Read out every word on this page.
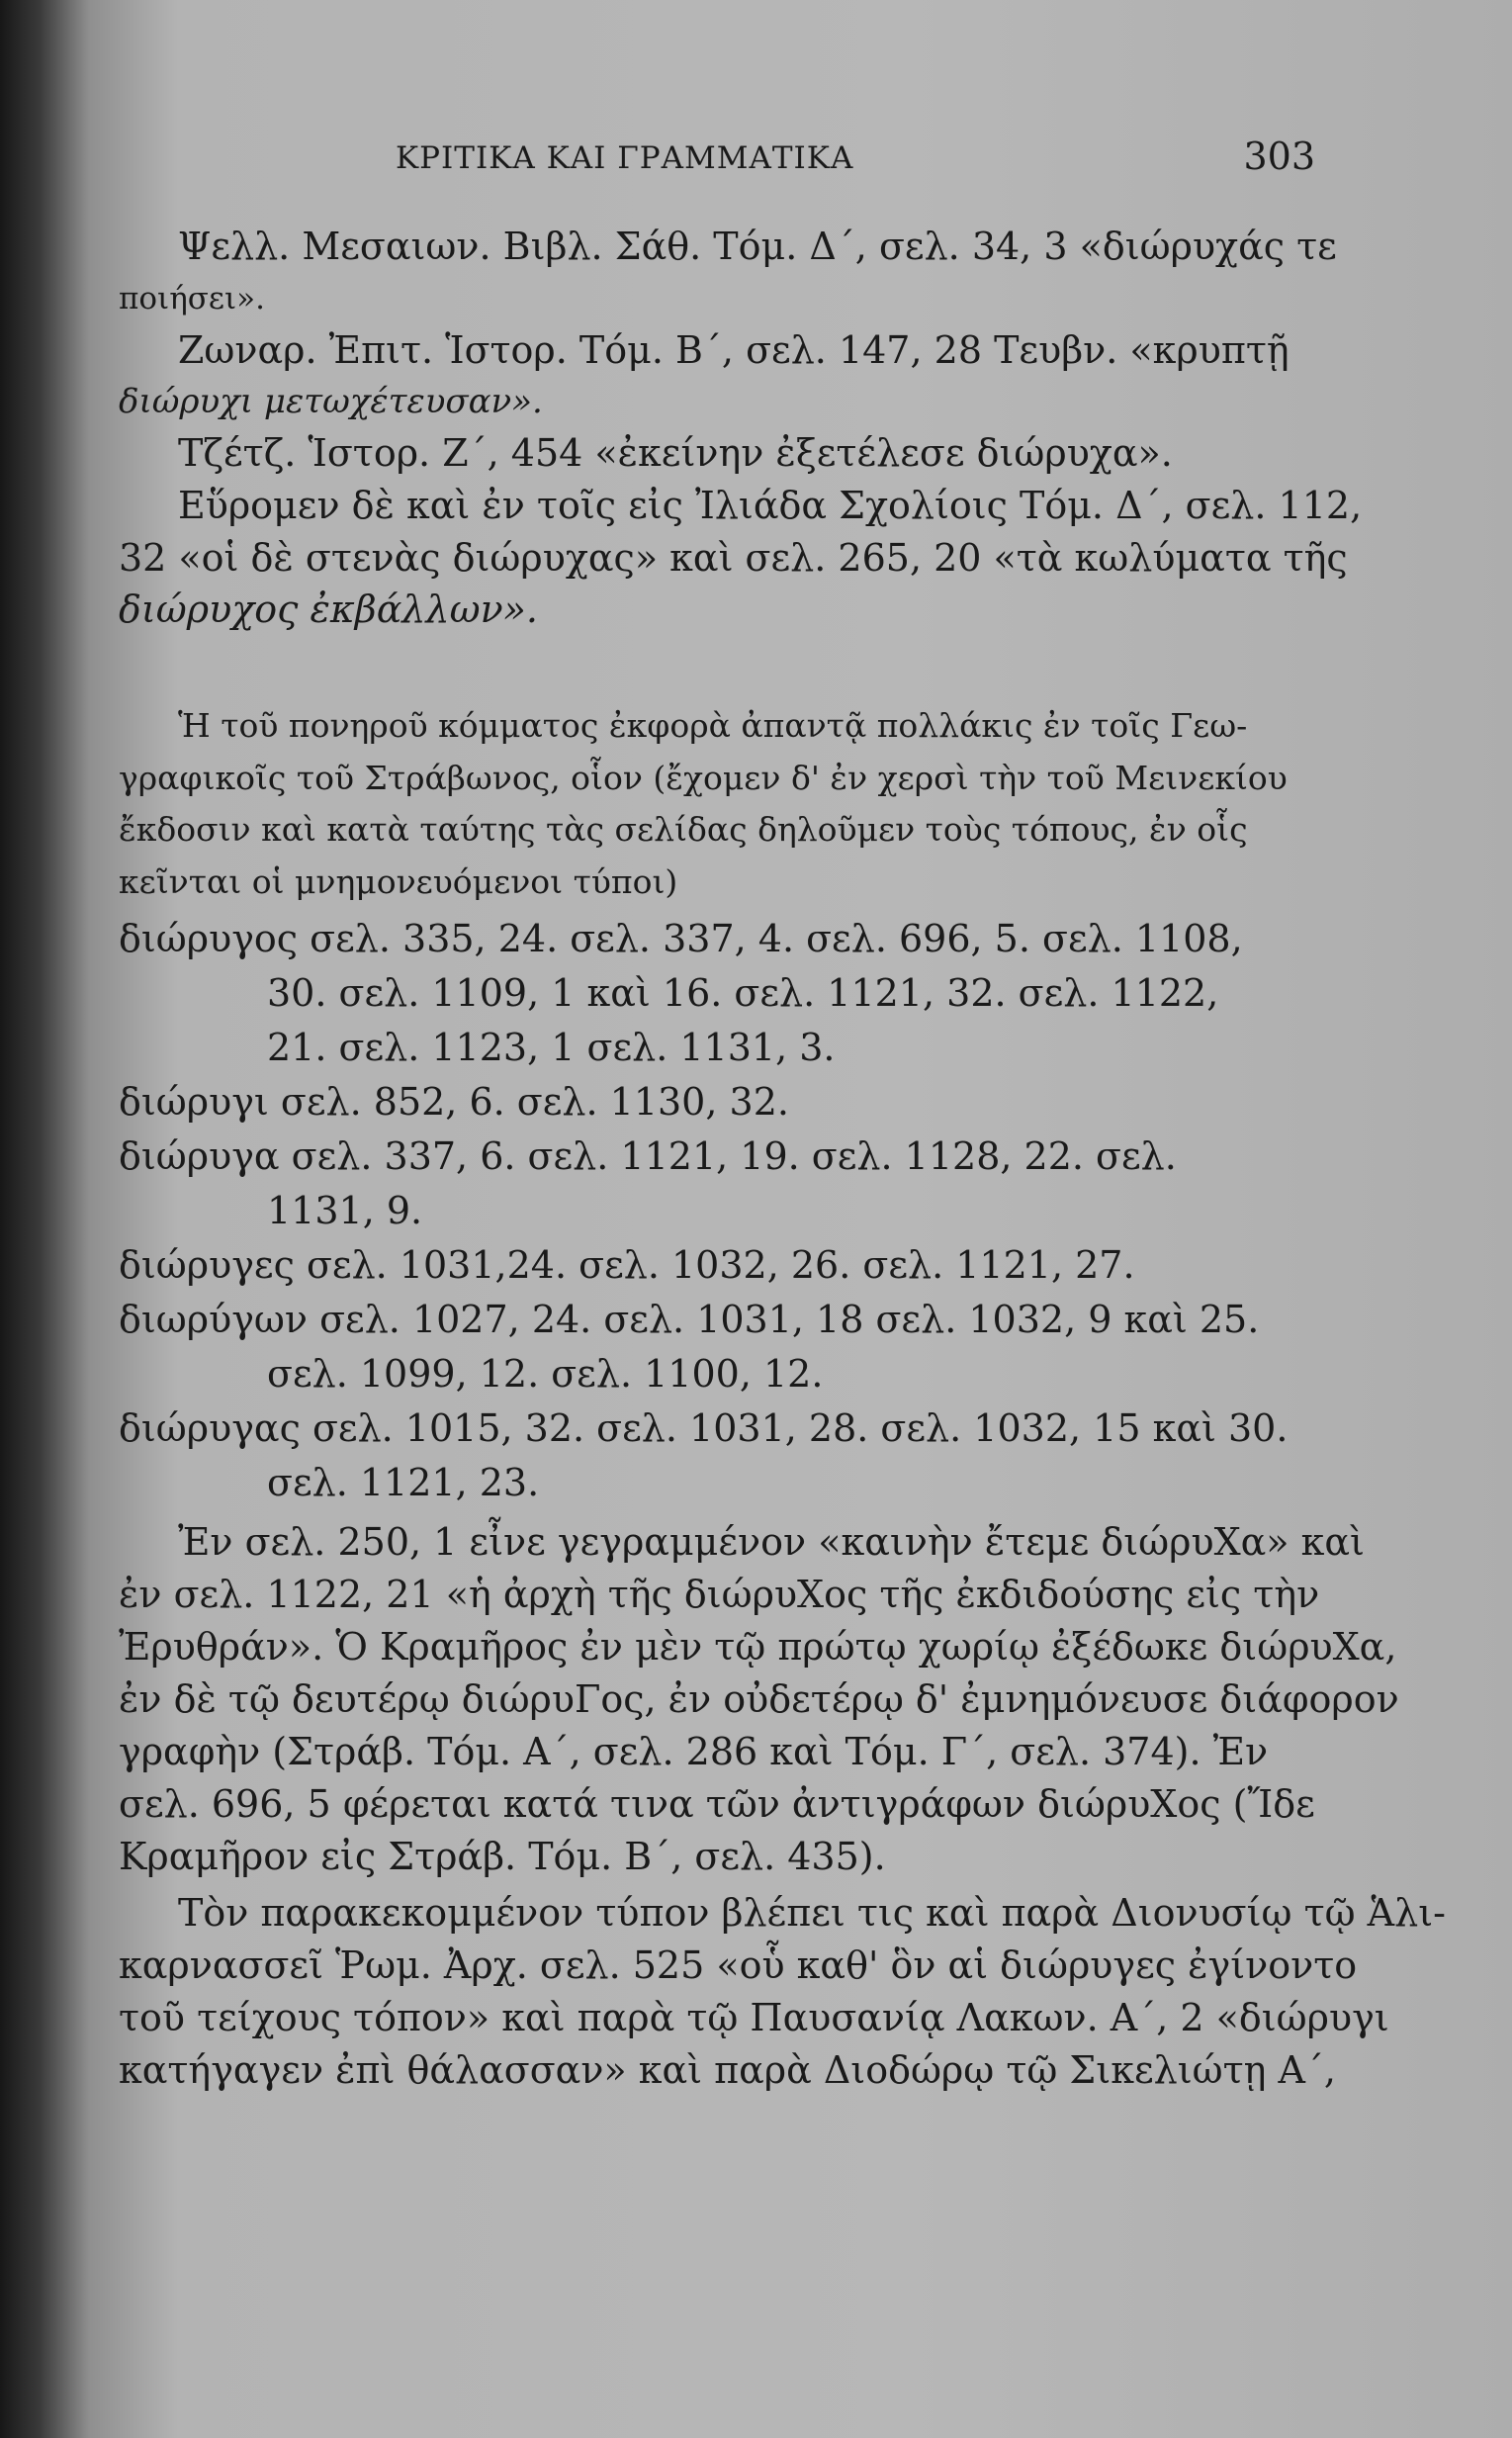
ΚΡΙΤΙΚΑ ΚΑΙ ΓΡΑΜΜΑΤΙΚΑ	303
Ψελλ. Μεσαιων. Βιβλ. Σάθ. Τόμ. Δ΄, σελ. 34, 3 «διώρυχάς τε
ποιήσει».
Ζωναρ. Ἐπιτ. Ἱστορ. Τόμ. Β΄, σελ. 147, 28 Τευβν. «κρυπτῇ
διώρυχι μετωχέτευσαν».
Τζέτζ. Ἱστορ. Ζ΄, 454 «ἐκείνην ἐξετέλεσε διώρυχα».
Εὕρομεν δὲ καὶ ἐν τοῖς εἰς Ἰλιάδα Σχολίοις Τόμ. Δ΄, σελ. 112,
32 «οἱ δὲ στενὰς διώρυχας» καὶ σελ. 265, 20 «τὰ κωλύματα τῆς
διώρυχος ἐκβάλλων».
Ἡ τοῦ πονηροῦ κόμματος ἐκφορὰ ἀπαντᾷ πολλάκις ἐν τοῖς Γεω-
γραφικοῖς τοῦ Στράβωνος, οἷον (ἔχομεν δ' ἐν χερσὶ τὴν τοῦ Μεινεκίου
ἔκδοσιν καὶ κατὰ ταύτης τὰς σελίδας δηλοῦμεν τοὺς τόπους, ἐν οἷς
κεῖνται οἱ μνημονευόμενοι τύποι)
διώρυγος σελ. 335, 24. σελ. 337, 4. σελ. 696, 5. σελ. 1108,
30. σελ. 1109, 1 καὶ 16. σελ. 1121, 32. σελ. 1122,
21. σελ. 1123, 1 σελ. 1131, 3.
διώρυγι σελ. 852, 6. σελ. 1130, 32.
διώρυγα σελ. 337, 6. σελ. 1121, 19. σελ. 1128, 22. σελ.
1131, 9.
διώρυγες σελ. 1031,24. σελ. 1032, 26. σελ. 1121, 27.
διωρύγων σελ. 1027, 24. σελ. 1031, 18 σελ. 1032, 9 καὶ 25.
σελ. 1099, 12. σελ. 1100, 12.
διώρυγας σελ. 1015, 32. σελ. 1031, 28. σελ. 1032, 15 καὶ 30.
σελ. 1121, 23.
Ἐν σελ. 250, 1 εἶνε γεγραμμένον «καινὴν ἔτεμε διώρυΧα» καὶ
ἐν σελ. 1122, 21 «ἡ ἀρχὴ τῆς διώρυΧος τῆς ἐκδιδούσης εἰς τὴν
Ἐρυθράν». Ὁ Κραμῆρος ἐν μὲν τῷ πρώτῳ χωρίῳ ἐξέδωκε διώρυΧα,
ἐν δὲ τῷ δευτέρῳ διώρυΓος, ἐν οὐδετέρῳ δ' ἐμνημόνευσε διάφορον
γραφὴν (Στράβ. Τόμ. Α΄, σελ. 286 καὶ Τόμ. Γ΄, σελ. 374). Ἐν
σελ. 696, 5 φέρεται κατά τινα τῶν ἀντιγράφων διώρυΧος (Ἴδε
Κραμῆρον εἰς Στράβ. Τόμ. Β΄, σελ. 435).
Τὸν παρακεκομμένον τύπον βλέπει τις καὶ παρὰ Διονυσίῳ τῷ Ἁλι-
καρνασσεῖ Ῥωμ. Ἀρχ. σελ. 525 «οὗ καθ' ὃν αἱ διώρυγες ἐγίνοντο
τοῦ τείχους τόπον» καὶ παρὰ τῷ Παυσανίᾳ Λακων. Α΄, 2 «διώρυγι
κατήγαγεν ἐπὶ θάλασσαν» καὶ παρὰ Διοδώρῳ τῷ Σικελιώτῃ Α΄,
